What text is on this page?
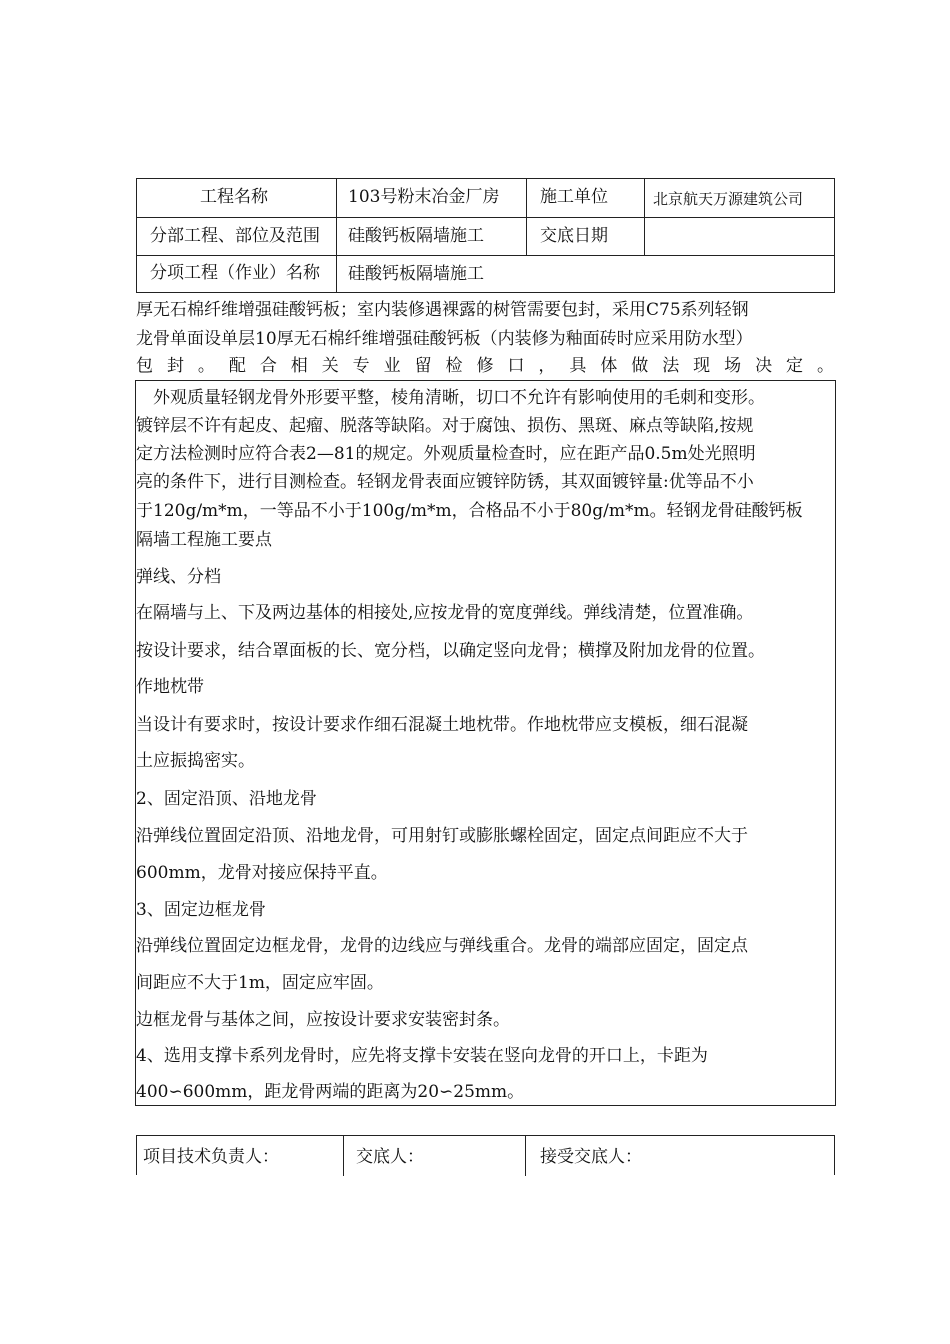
工程名称	103号粉末冶金厂房 施工单位	北京航天万源建筑公司
分部工程、部位及范围	硅酸钙板隔墙施工	交底日期
分项工程（作业）名称	硅酸钙板隔墙施工
厚无石棉纤维增强硅酸钙板；室内装修遇裸露的树管需要包封，采用C75系列轻钢
龙骨单面设单层10厚无石棉纤维增强硅酸钙板（内装修为釉面砖时应采用防水型）
包封。配合相关专业留检修口，具体做法现场决定。
　外观质量轻钢龙骨外形要平整，棱角清晰，切口不允许有影响使用的毛刺和变形。
镀锌层不许有起皮、起瘤、脱落等缺陷。对于腐蚀、损伤、黑斑、麻点等缺陷,按规
定方法检测时应符合表2—81的规定。外观质量检查时，应在距产品0.5m处光照明
亮的条件下，进行目测检查。轻钢龙骨表面应镀锌防锈，其双面镀锌量:优等品不小
于120g/m*m，一等品不小于100g/m*m，合格品不小于80g/m*m。轻钢龙骨硅酸钙板
隔墙工程施工要点
弹线、分档
在隔墙与上、下及两边基体的相接处,应按龙骨的宽度弹线。弹线清楚，位置准确。
按设计要求，结合罩面板的长、宽分档，以确定竖向龙骨；横撑及附加龙骨的位置。
作地枕带
当设计有要求时，按设计要求作细石混凝土地枕带。作地枕带应支模板，细石混凝
土应振捣密实。
2、固定沿顶、沿地龙骨
沿弹线位置固定沿顶、沿地龙骨，可用射钉或膨胀螺栓固定，固定点间距应不大于
600mm，龙骨对接应保持平直。
3、固定边框龙骨
沿弹线位置固定边框龙骨，龙骨的边线应与弹线重合。龙骨的端部应固定，固定点
间距应不大于1m，固定应牢固。
边框龙骨与基体之间，应按设计要求安装密封条。
4、选用支撑卡系列龙骨时，应先将支撑卡安装在竖向龙骨的开口上，卡距为
400∽600mm，距龙骨两端的距离为20∽25mm。
项目技术负责人：	交底人：	接受交底人：
